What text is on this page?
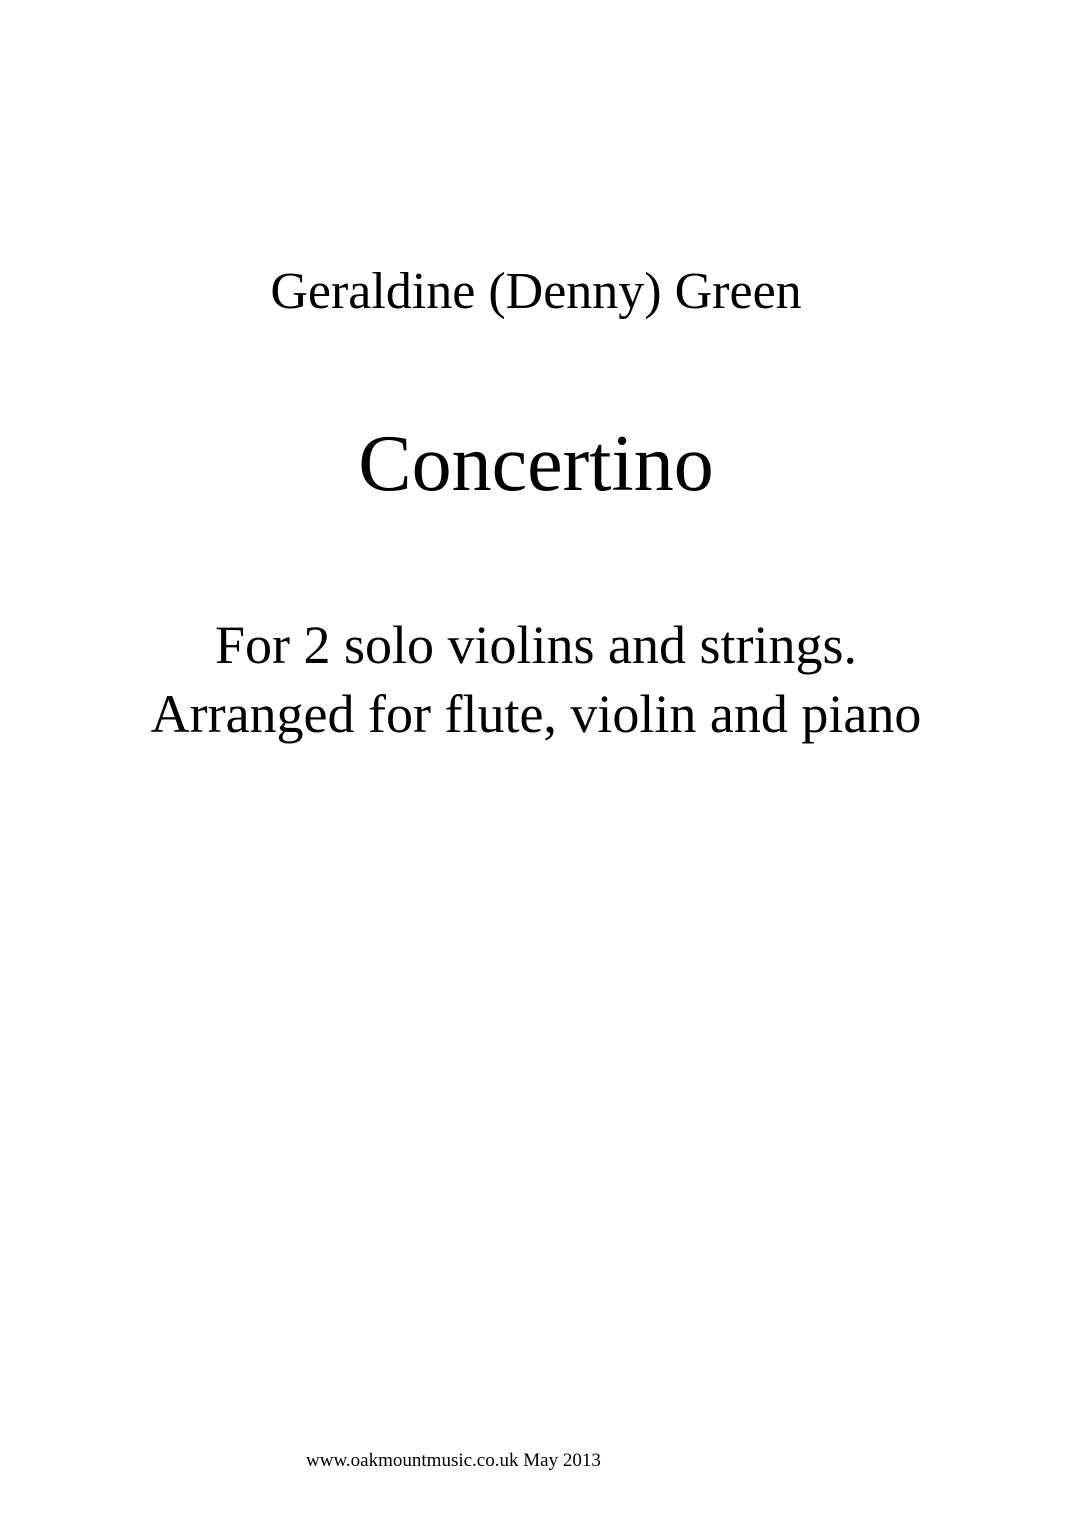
Geraldine (Denny) Green
Concertino
For 2 solo violins and strings.
Arranged for flute, violin and piano
www.oakmountmusic.co.uk May 2013
